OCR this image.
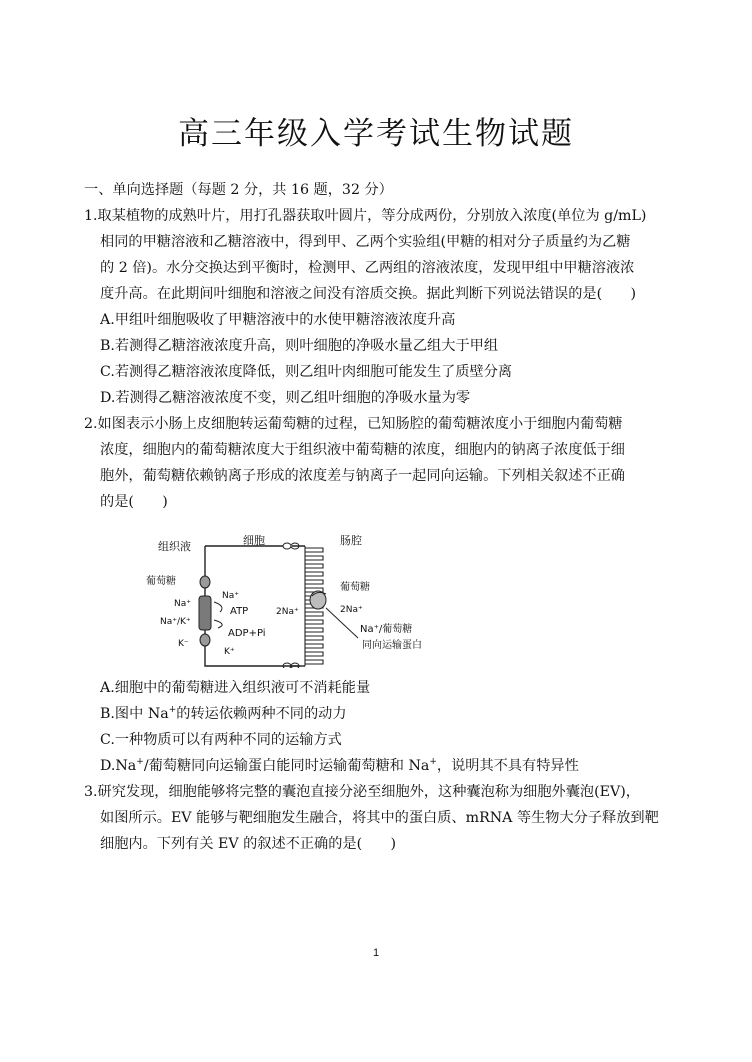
高三年级入学考试生物试题
一、单向选择题（每题 2 分，共 16 题，32 分）
1.取某植物的成熟叶片，用打孔器获取叶圆片，等分成两份，分别放入浓度(单位为 g/mL)
相同的甲糖溶液和乙糖溶液中，得到甲、乙两个实验组(甲糖的相对分子质量约为乙糖
的 2 倍)。水分交换达到平衡时，检测甲、乙两组的溶液浓度，发现甲组中甲糖溶液浓
度升高。在此期间叶细胞和溶液之间没有溶质交换。据此判断下列说法错误的是(　　)
A.甲组叶细胞吸收了甲糖溶液中的水使甲糖溶液浓度升高
B.若测得乙糖溶液浓度升高，则叶细胞的净吸水量乙组大于甲组
C.若测得乙糖溶液浓度降低，则乙组叶肉细胞可能发生了质壁分离
D.若测得乙糖溶液浓度不变，则乙组叶细胞的净吸水量为零
2.如图表示小肠上皮细胞转运葡萄糖的过程，已知肠腔的葡萄糖浓度小于细胞内葡萄糖
浓度，细胞内的葡萄糖浓度大于组织液中葡萄糖的浓度，细胞内的钠离子浓度低于细
胞外，葡萄糖依赖钠离子形成的浓度差与钠离子一起同向运输。下列相关叙述不正确
的是(　　)
组织液	细胞	肠腔
葡萄糖
Na⁺
Na⁺/K⁺
K⁻
Na⁺
ATP
ADP+Pi
K⁺
2Na⁺
葡萄糖
2Na⁺
Na⁺/葡萄糖
同向运输蛋白
A.细胞中的葡萄糖进入组织液可不消耗能量
B.图中 Na+的转运依赖两种不同的动力
C.一种物质可以有两种不同的运输方式
D.Na+/葡萄糖同向运输蛋白能同时运输葡萄糖和 Na+，说明其不具有特异性
3.研究发现，细胞能够将完整的囊泡直接分泌至细胞外，这种囊泡称为细胞外囊泡(EV)，
如图所示。EV 能够与靶细胞发生融合，将其中的蛋白质、mRNA 等生物大分子释放到靶
细胞内。下列有关 EV 的叙述不正确的是(　　)
1
